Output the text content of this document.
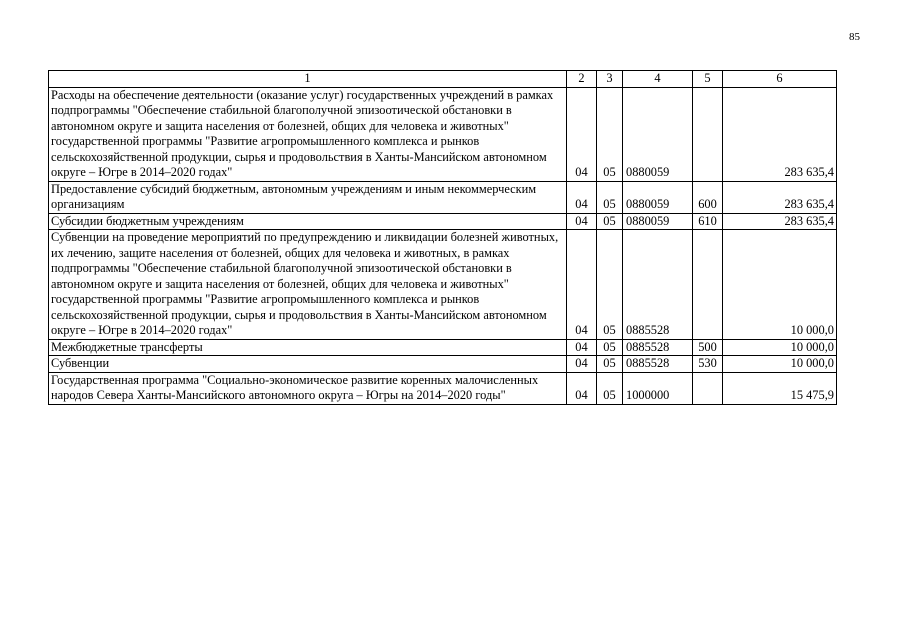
85
1	2	3	4	5	6
Расходы на обеспечение деятельности (оказание услуг) государственных учреждений в рамках подпрограммы "Обеспечение стабильной благополучной эпизоотической обстановки в автономном округе и защита населения от болезней, общих для человека и животных" государственной программы "Развитие агропромышленного комплекса и рынков сельскохозяйственной продукции, сырья и продовольствия в Ханты-Мансийском автономном округе – Югре в 2014–2020 годах"	04	05	0880059		283 635,4
Предоставление субсидий бюджетным, автономным учреждениям и иным некоммерческим организациям	04	05	0880059	600	283 635,4
Субсидии бюджетным учреждениям	04	05	0880059	610	283 635,4
Субвенции на проведение мероприятий по предупреждению и ликвидации болезней животных, их лечению, защите населения от болезней, общих для человека и животных, в рамках подпрограммы "Обеспечение стабильной благополучной эпизоотической обстановки в автономном округе и защита населения от болезней, общих для человека и животных" государственной программы "Развитие агропромышленного комплекса и рынков сельскохозяйственной продукции, сырья и продовольствия в Ханты-Мансийском автономном округе – Югре в 2014–2020 годах"	04	05	0885528		10 000,0
Межбюджетные трансферты	04	05	0885528	500	10 000,0
Субвенции	04	05	0885528	530	10 000,0
Государственная программа "Социально-экономическое развитие коренных малочисленных народов Севера Ханты-Мансийского автономного округа – Югры на 2014–2020 годы"	04	05	1000000		15 475,9
